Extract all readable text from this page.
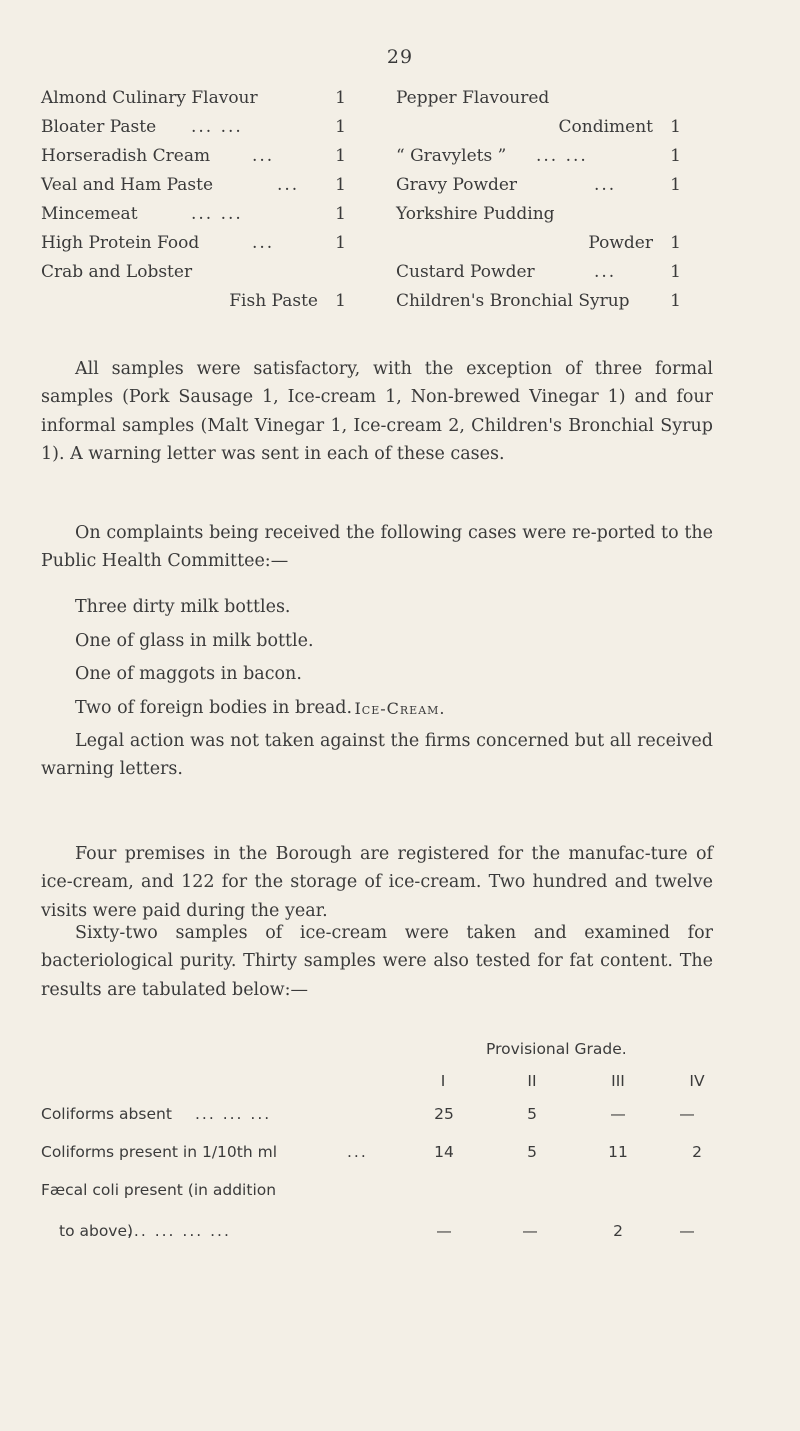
29
Almond Culinary Flavour	1
Bloater Paste ... ...	1
Horseradish Cream ...	1
Veal and Ham Paste	... 1
Mincemeat	... ...	1
High Protein Food	...	1
Crab and Lobster
Fish Paste 1
Pepper Flavoured
Condiment 1
“ Gravylets ” ... ...	1
Gravy Powder	...	1
Yorkshire Pudding
Powder 1
Custard Powder	...	1
Children's Bronchial Syrup 1

All samples were satisfactory, with the exception of three formal samples (Pork Sausage 1, Ice-cream 1, Non-brewed Vinegar 1) and four informal samples (Malt Vinegar 1, Ice-cream 2, Children's Bronchial Syrup 1). A warning letter was sent in each of these cases.

On complaints being received the following cases were re-ported to the Public Health Committee:—

Three dirty milk bottles.
One of glass in milk bottle.
One of maggots in bacon.
Two of foreign bodies in bread.

Legal action was not taken against the firms concerned but all received warning letters.

Ice-Cream.

Four premises in the Borough are registered for the manufac-ture of ice-cream, and 122 for the storage of ice-cream. Two hundred and twelve visits were paid during the year.

Sixty-two samples of ice-cream were taken and examined for bacteriological purity. Thirty samples were also tested for fat content. The results are tabulated below:—

Provisional Grade.
I	II	III	IV
Coliforms absent ... ... ...	25	5	—	—
Coliforms present in 1/10th ml	...	14	5	11	2
Fæcal coli present (in addition
to above)
... ... ... ...	—	—	2	—
